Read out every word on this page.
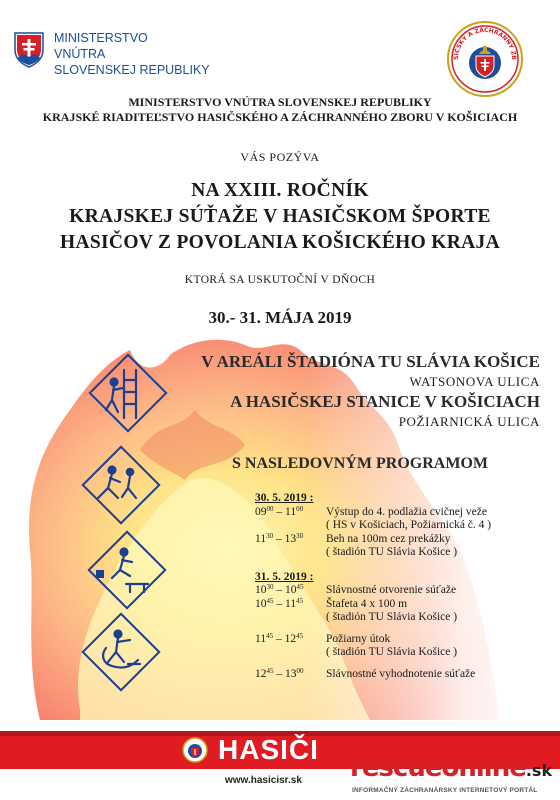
MINISTERSTVO
VNÚTRA
SLOVENSKEJ REPUBLIKY
SIČSKÝ A ZÁCHRANNÝ ZB
MINISTERSTVO VNÚTRA SLOVENSKEJ REPUBLIKY
KRAJSKÉ RIADITEĽSTVO HASIČSKÉHO A ZÁCHRANNÉHO ZBORU V KOŠICIACH
VÁS POZÝVA
NA XXIII. ROČNÍK
KRAJSKEJ SÚŤAŽE V HASIČSKOM ŠPORTE
HASIČOV Z POVOLANIA KOŠICKÉHO KRAJA
KTORÁ SA USKUTOČNÍ V DŇOCH
30.- 31. MÁJA 2019
V AREÁLI ŠTADIÓNA TU SLÁVIA KOŠICE
WATSONOVA ULICA
A HASIČSKEJ STANICE V KOŠICIACH
POŽIARNICKÁ ULICA
S NASLEDOVNÝM PROGRAMOM
30. 5. 2019 :
$09^{00} - 11^{00}$	Výstup do 4. podlažia cvičnej veže
( HS v Košiciach, Požiarnická č. 4 )
$11^{30} - 13^{30}$	Beh na 100m cez prekážky
( štadión TU Slávia Košice )
31. 5. 2019 :
$10^{30} - 10^{45}$	Slávnostné otvorenie súťaže
$10^{45} - 11^{45}$	Štafeta 4 x 100 m
( štadión TU Slávia Košice )
$11^{45} - 12^{45}$	Požiarny útok
( štadión TU Slávia Košice )
$12^{45} - 13^{00}$	Slávnostné vyhodnotenie súťaže
HASIČI
www.hasicisr.sk rescueonline.sk
INFORMAČNÝ ZÁCHRANÁRSKY INTERNETOVÝ PORTÁL
